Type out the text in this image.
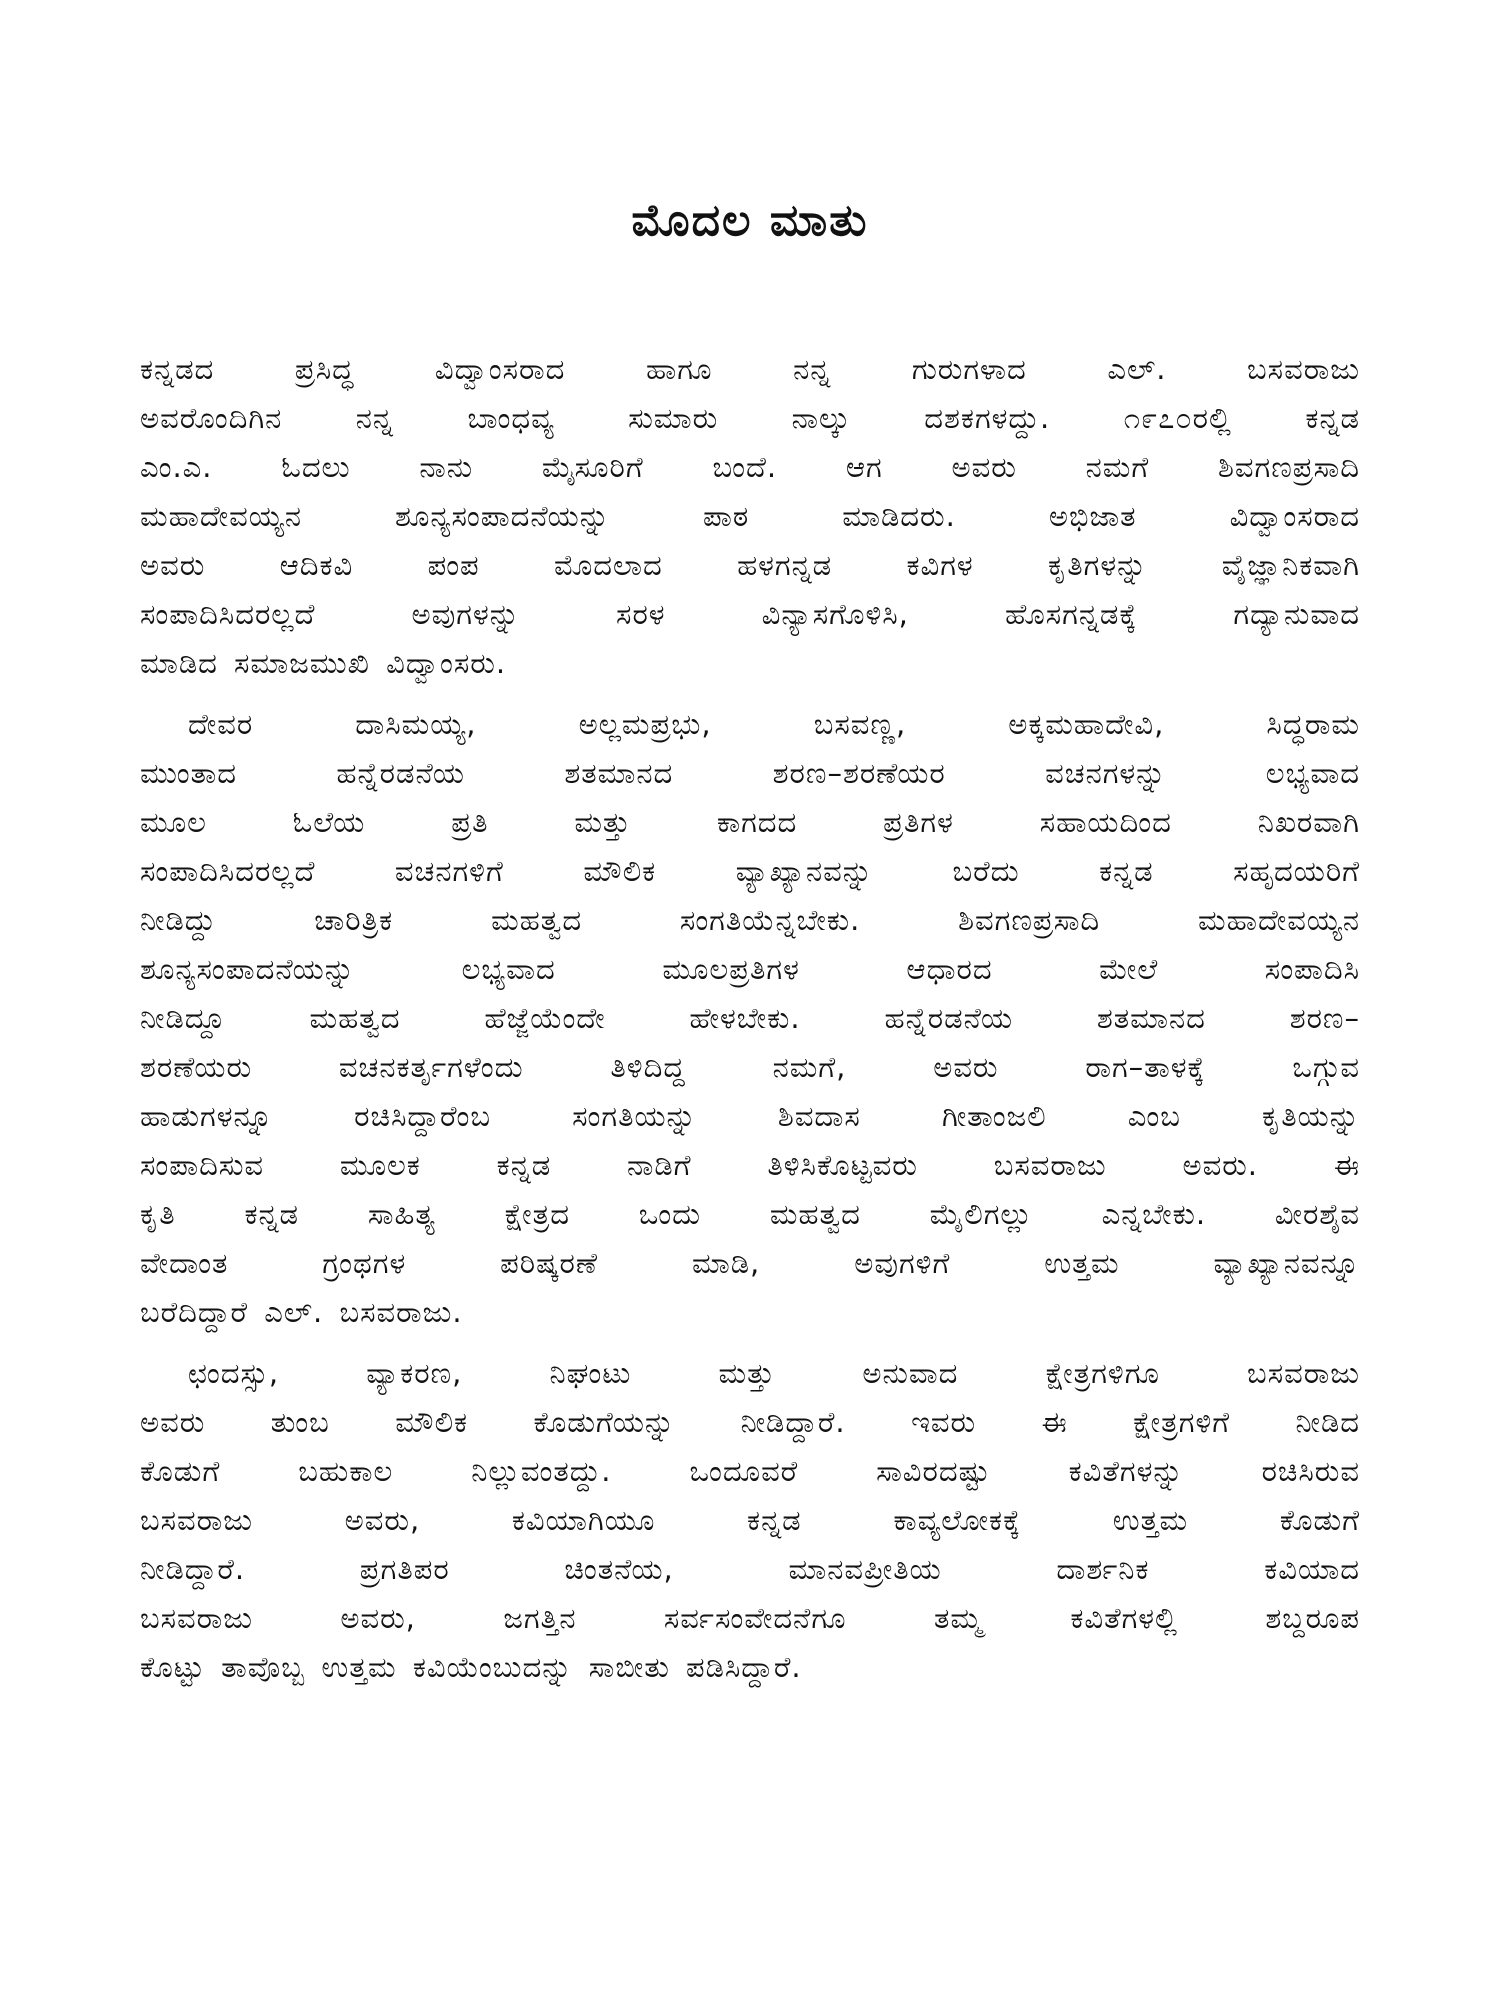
ಮೊದಲ ಮಾತು
ಕನ್ನಡದ ಪ್ರಸಿದ್ಧ ವಿದ್ವಾಂಸರಾದ ಹಾಗೂ ನನ್ನ ಗುರುಗಳಾದ ಎಲ್. ಬಸವರಾಜು
ಅವರೊಂದಿಗಿನ ನನ್ನ ಬಾಂಧವ್ಯ ಸುಮಾರು ನಾಲ್ಕು ದಶಕಗಳದ್ದು. ೧೯೭೦ರಲ್ಲಿ ಕನ್ನಡ
ಎಂ.ಎ. ಓದಲು ನಾನು ಮೈಸೂರಿಗೆ ಬಂದೆ. ಆಗ ಅವರು ನಮಗೆ ಶಿವಗಣಪ್ರಸಾದಿ
ಮಹಾದೇವಯ್ಯನ ಶೂನ್ಯಸಂಪಾದನೆಯನ್ನು ಪಾಠ ಮಾಡಿದರು. ಅಭಿಜಾತ ವಿದ್ವಾಂಸರಾದ
ಅವರು ಆದಿಕವಿ ಪಂಪ ಮೊದಲಾದ ಹಳಗನ್ನಡ ಕವಿಗಳ ಕೃತಿಗಳನ್ನು ವೈಜ್ಞಾನಿಕವಾಗಿ
ಸಂಪಾದಿಸಿದರಲ್ಲದೆ ಅವುಗಳನ್ನು ಸರಳ ವಿನ್ಯಾಸಗೊಳಿಸಿ, ಹೊಸಗನ್ನಡಕ್ಕೆ ಗದ್ಯಾನುವಾದ
ಮಾಡಿದ ಸಮಾಜಮುಖಿ ವಿದ್ವಾಂಸರು.
ದೇವರ ದಾಸಿಮಯ್ಯ, ಅಲ್ಲಮಪ್ರಭು, ಬಸವಣ್ಣ, ಅಕ್ಕಮಹಾದೇವಿ, ಸಿದ್ಧರಾಮ
ಮುಂತಾದ ಹನ್ನೆರಡನೆಯ ಶತಮಾನದ ಶರಣ–ಶರಣೆಯರ ವಚನಗಳನ್ನು ಲಭ್ಯವಾದ
ಮೂಲ ಓಲೆಯ ಪ್ರತಿ ಮತ್ತು ಕಾಗದದ ಪ್ರತಿಗಳ ಸಹಾಯದಿಂದ ನಿಖರವಾಗಿ
ಸಂಪಾದಿಸಿದರಲ್ಲದೆ ವಚನಗಳಿಗೆ ಮೌಲಿಕ ವ್ಯಾಖ್ಯಾನವನ್ನು ಬರೆದು ಕನ್ನಡ ಸಹೃದಯರಿಗೆ
ನೀಡಿದ್ದು ಚಾರಿತ್ರಿಕ ಮಹತ್ವದ ಸಂಗತಿಯೆನ್ನಬೇಕು. ಶಿವಗಣಪ್ರಸಾದಿ ಮಹಾದೇವಯ್ಯನ
ಶೂನ್ಯಸಂಪಾದನೆಯನ್ನು ಲಭ್ಯವಾದ ಮೂಲಪ್ರತಿಗಳ ಆಧಾರದ ಮೇಲೆ ಸಂಪಾದಿಸಿ
ನೀಡಿದ್ದೂ ಮಹತ್ವದ ಹೆಜ್ಜೆಯೆಂದೇ ಹೇಳಬೇಕು. ಹನ್ನೆರಡನೆಯ ಶತಮಾನದ ಶರಣ–
ಶರಣೆಯರು ವಚನಕರ್ತೃಗಳೆಂದು ತಿಳಿದಿದ್ದ ನಮಗೆ, ಅವರು ರಾಗ–ತಾಳಕ್ಕೆ ಒಗ್ಗುವ
ಹಾಡುಗಳನ್ನೂ ರಚಿಸಿದ್ದಾರೆಂಬ ಸಂಗತಿಯನ್ನು ಶಿವದಾಸ ಗೀತಾಂಜಲಿ ಎಂಬ ಕೃತಿಯನ್ನು
ಸಂಪಾದಿಸುವ ಮೂಲಕ ಕನ್ನಡ ನಾಡಿಗೆ ತಿಳಿಸಿಕೊಟ್ಟವರು ಬಸವರಾಜು ಅವರು. ಈ
ಕೃತಿ ಕನ್ನಡ ಸಾಹಿತ್ಯ ಕ್ಷೇತ್ರದ ಒಂದು ಮಹತ್ವದ ಮೈಲಿಗಲ್ಲು ಎನ್ನಬೇಕು. ವೀರಶೈವ
ವೇದಾಂತ ಗ್ರಂಥಗಳ ಪರಿಷ್ಕರಣೆ ಮಾಡಿ, ಅವುಗಳಿಗೆ ಉತ್ತಮ ವ್ಯಾಖ್ಯಾನವನ್ನೂ
ಬರೆದಿದ್ದಾರೆ ಎಲ್. ಬಸವರಾಜು.
ಛಂದಸ್ಸು, ವ್ಯಾಕರಣ, ನಿಘಂಟು ಮತ್ತು ಅನುವಾದ ಕ್ಷೇತ್ರಗಳಿಗೂ ಬಸವರಾಜು
ಅವರು ತುಂಬ ಮೌಲಿಕ ಕೊಡುಗೆಯನ್ನು ನೀಡಿದ್ದಾರೆ. ಇವರು ಈ ಕ್ಷೇತ್ರಗಳಿಗೆ ನೀಡಿದ
ಕೊಡುಗೆ ಬಹುಕಾಲ ನಿಲ್ಲುವಂತದ್ದು. ಒಂದೂವರೆ ಸಾವಿರದಷ್ಟು ಕವಿತೆಗಳನ್ನು ರಚಿಸಿರುವ
ಬಸವರಾಜು ಅವರು, ಕವಿಯಾಗಿಯೂ ಕನ್ನಡ ಕಾವ್ಯಲೋಕಕ್ಕೆ ಉತ್ತಮ ಕೊಡುಗೆ
ನೀಡಿದ್ದಾರೆ. ಪ್ರಗತಿಪರ ಚಿಂತನೆಯ, ಮಾನವಪ್ರೀತಿಯ ದಾರ್ಶನಿಕ ಕವಿಯಾದ
ಬಸವರಾಜು ಅವರು, ಜಗತ್ತಿನ ಸರ್ವಸಂವೇದನೆಗೂ ತಮ್ಮ ಕವಿತೆಗಳಲ್ಲಿ ಶಬ್ದರೂಪ
ಕೊಟ್ಟು ತಾವೊಬ್ಬ ಉತ್ತಮ ಕವಿಯೆಂಬುದನ್ನು ಸಾಬೀತು ಪಡಿಸಿದ್ದಾರೆ.
